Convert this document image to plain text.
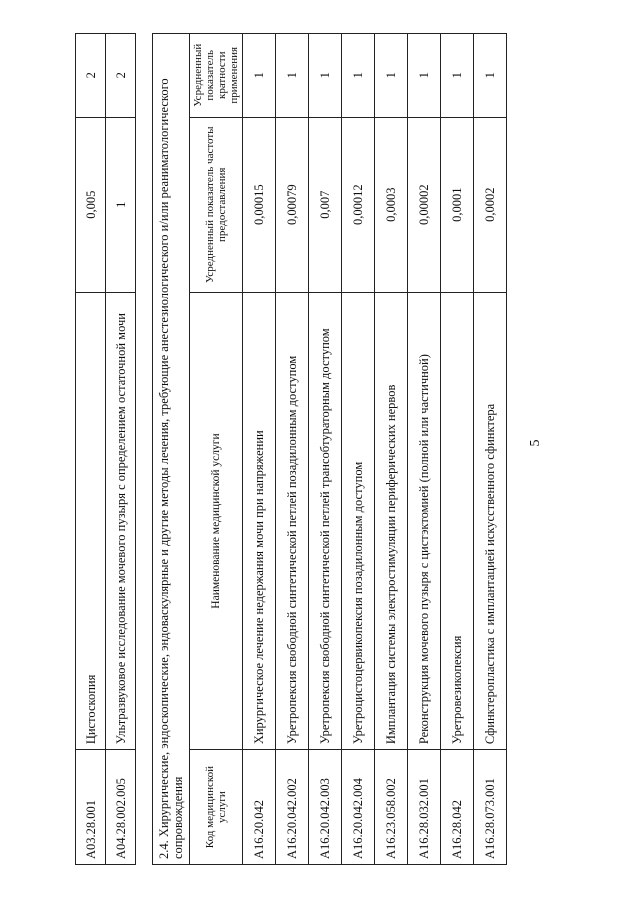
A03.28.001	Цистоскопия	0,005	2
A04.28.002.005	Ультразвуковое исследование мочевого пузыря с определением остаточной мочи	1	2
5
2.4. Хирургические, эндоскопические, эндоваскулярные и другие методы лечения, требующие анестезиологического и/или реаниматологического сопровождения			
Код медицинской услуги	Наименование медицинской услуги	Усредненный показатель частоты предоставления	Усредненный показатель кратности применения
A16.20.042	Хирургическое лечение недержания мочи при напряжении	0,00015	1
A16.20.042.002	Уретропексия свободной синтетической петлей позадилонным доступом	0,00079	1
A16.20.042.003	Уретропексия свободной синтетической петлей трансобтураторным доступом	0,007	1
A16.20.042.004	Уретроцистоцервикопексия позадилонным доступом	0,00012	1
A16.23.058.002	Имплантация системы электростимуляции периферических нервов	0,0003	1
A16.28.032.001	Реконструкция мочевого пузыря с цистэктомией (полной или частичной)	0,00002	1
A16.28.042	Уретровезикопексия	0,0001	1
A16.28.073.001	Сфинктеропластика с имплантацией искусственного сфинктера	0,0002	1
